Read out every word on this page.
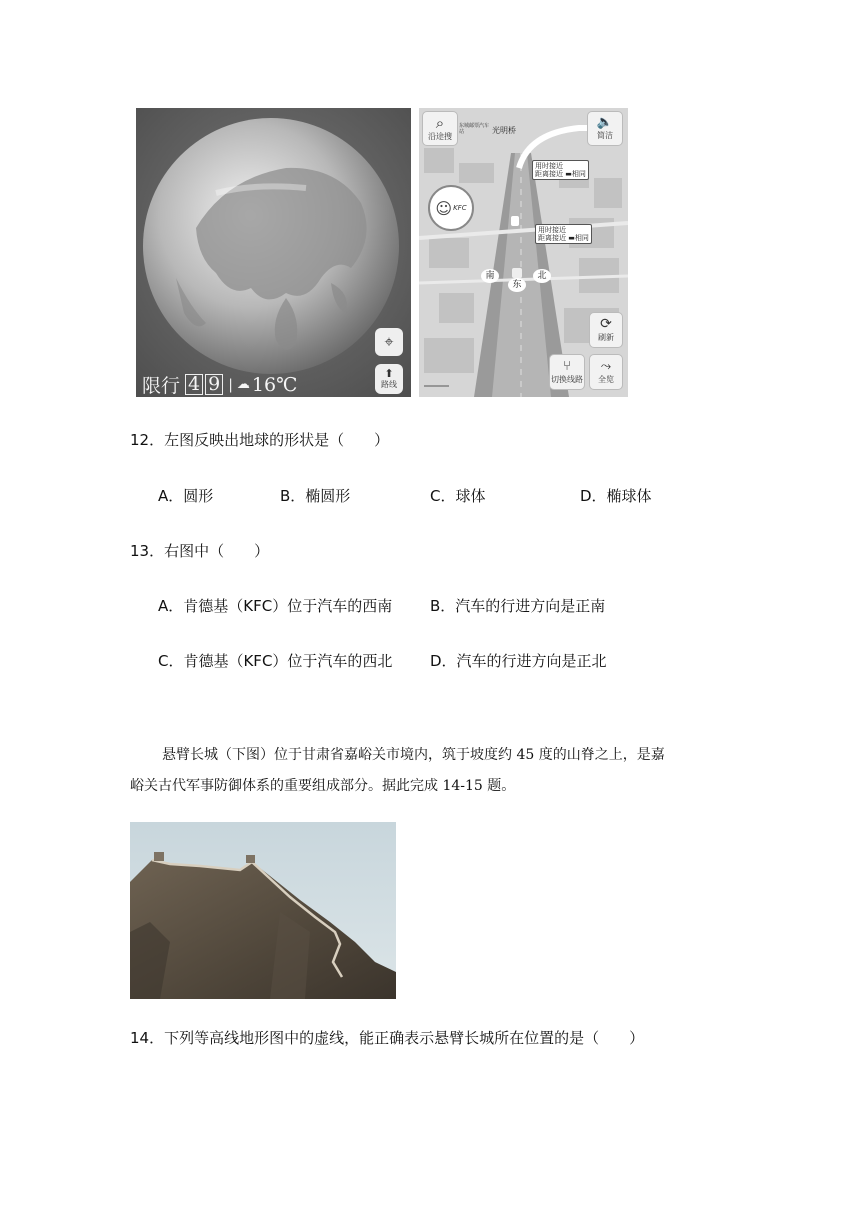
⌖
⬆
路线
限行 4 9 | ☁ 16℃
⌕
沿途搜
🔈
简洁
光明桥
东城邮票汽车站
用时接近
距离接近 ▬相同
用时接近
距离接近 ▬相同
☺ KFC
南	北
东
⟳
刷新
⑂
切换线路
⤳
全览
12．左图反映出地球的形状是（　　）
A．圆形	B．椭圆形	C．球体	D．椭球体
13．右图中（　　）
A．肯德基（KFC）位于汽车的西南	B．汽车的行进方向是正南
C．肯德基（KFC）位于汽车的西北	D．汽车的行进方向是正北
悬臂长城（下图）位于甘肃省嘉峪关市境内，筑于坡度约 45 度的山脊之上，是嘉
峪关古代军事防御体系的重要组成部分。据此完成 14-15 题。
14．下列等高线地形图中的虚线，能正确表示悬臂长城所在位置的是（　　）
